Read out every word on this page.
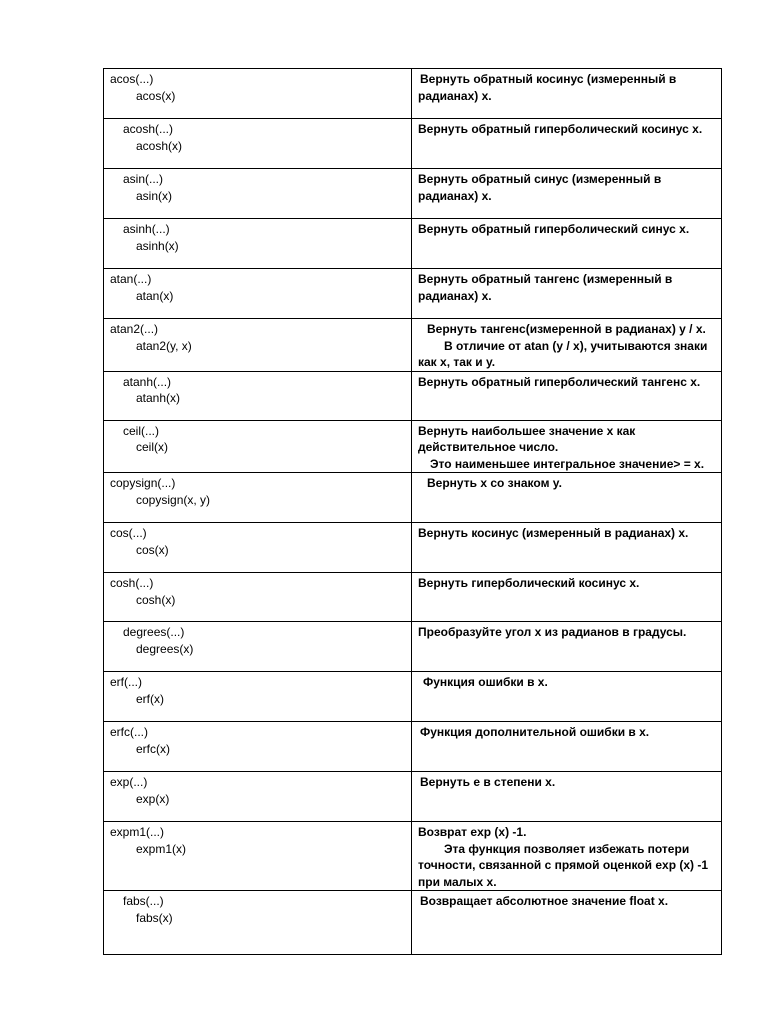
acos(...)
acos(x)	Вернуть обратный косинус (измеренный в
радианах) x.

acosh(...)
acosh(x)	Вернуть обратный гиперболический косинус x.

asin(...)
asin(x)	Вернуть обратный синус (измеренный в
радианах) x.

asinh(...)
asinh(x)	Вернуть обратный гиперболический синус x.

atan(...)
atan(x)	Вернуть обратный тангенс (измеренный в
радианах) x.

atan2(...)
atan2(y, x)	Вернуть тангенс(измеренной в радианах) y / x.
В отличие от atan (y / x), учитываются знаки
как x, так и y.

atanh(...)
atanh(x)	Вернуть обратный гиперболический тангенс x.

ceil(...)
ceil(x)	Вернуть наибольшее значение x как
действительное число.
Это наименьшее интегральное значение> = x.

copysign(...)
copysign(x, y)	Вернуть x со знаком y.

cos(...)
cos(x)	Вернуть косинус (измеренный в радианах) x.

cosh(...)
cosh(x)	Вернуть гиперболический косинус x.

degrees(...)
degrees(x)	Преобразуйте угол x из радианов в градусы.

erf(...)
erf(x)	Функция ошибки в x.

erfc(...)
erfc(x)	Функция дополнительной ошибки в x.

exp(...)
exp(x)	Вернуть e в степени x.

expm1(...)
expm1(x)	Возврат exp (x) -1.
Эта функция позволяет избежать потери
точности, связанной с прямой оценкой exp (x) -1
при малых x.

fabs(...)
fabs(x)	Возвращает абсолютное значение float x.
